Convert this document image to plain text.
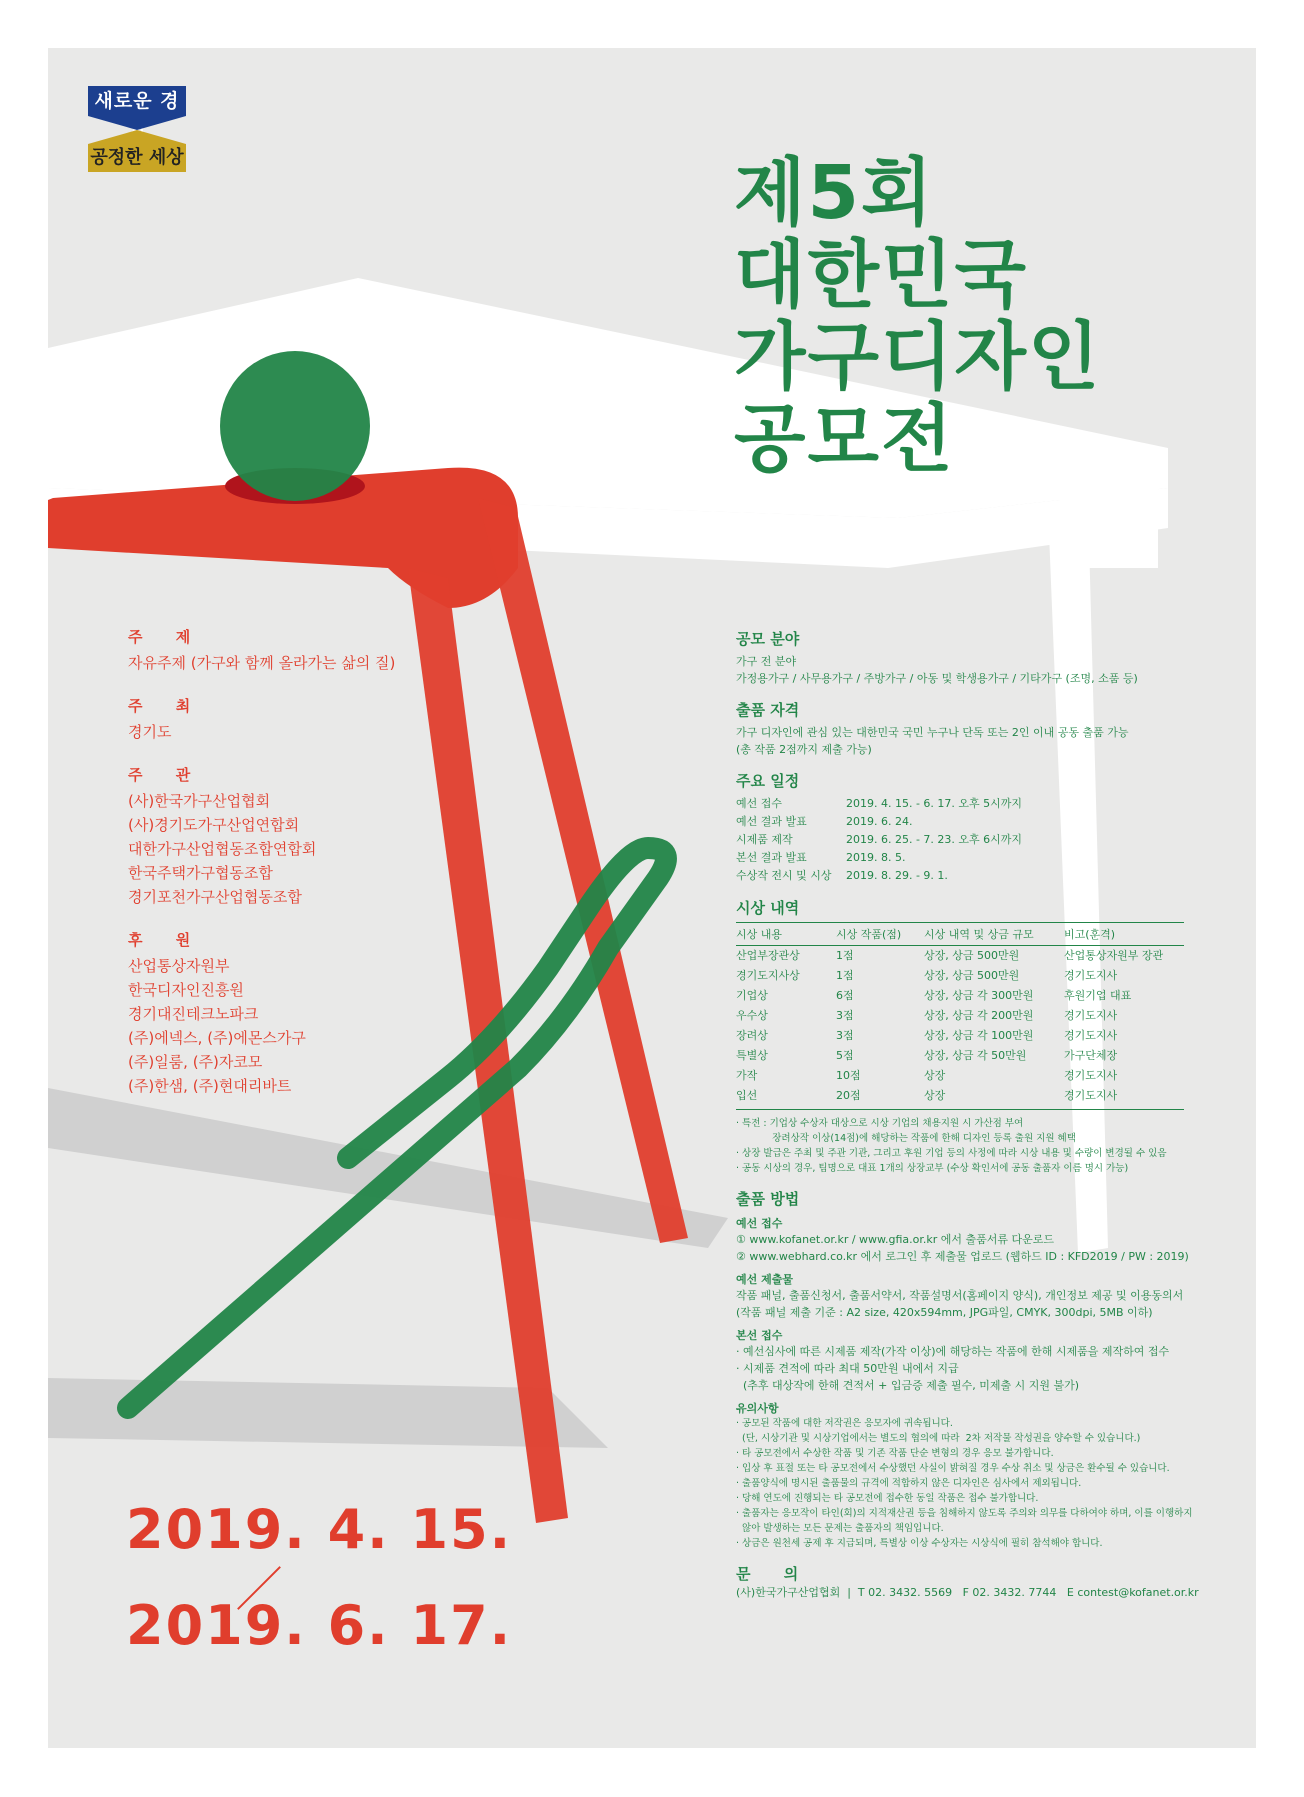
새로운 경기
공정한 세상	제5회
대한민국
가구디자인
공모전
주 제
자유주제 (가구와 함께 올라가는 삶의 질)
주 최
경기도
주 관
(사)한국가구산업협회
(사)경기도가구산업연합회
대한가구산업협동조합연합회
한국주택가구협동조합
경기포천가구산업협동조합
후 원
산업통상자원부
한국디자인진흥원
경기대진테크노파크
(주)에넥스, (주)에몬스가구
(주)일룸, (주)자코모
(주)한샘, (주)현대리바트
2019. 4. 15.
2019. 6. 17.
공모 분야
가구 전 분야
가정용가구 / 사무용가구 / 주방가구 / 아동 및 학생용가구 / 기타가구 (조명, 소품 등)
출품 자격
가구 디자인에 관심 있는 대한민국 국민 누구나 단독 또는 2인 이내 공동 출품 가능
(총 작품 2점까지 제출 가능)
주요 일정
예선 접수	2019. 4. 15. - 6. 17. 오후 5시까지
예선 결과 발표	2019. 6. 24.
시제품 제작	2019. 6. 25. - 7. 23. 오후 6시까지
본선 결과 발표	2019. 8. 5.
수상작 전시 및 시상	2019. 8. 29. - 9. 1.
시상 내역
시상 내용	시상 작품(점)	시상 내역 및 상금 규모	비고(훈격)
산업부장관상	1점	상장, 상금 500만원	산업통상자원부 장관
경기도지사상	1점	상장, 상금 500만원	경기도지사
기업상	6점	상장, 상금 각 300만원	후원기업 대표
우수상	3점	상장, 상금 각 200만원	경기도지사
장려상	3점	상장, 상금 각 100만원	경기도지사
특별상	5점	상장, 상금 각 50만원	가구단체장
가작	10점	상장	경기도지사
입선	20점	상장	경기도지사
· 특전 : 기업상 수상자 대상으로 시상 기업의 채용지원 시 가산점 부여
장려상작 이상(14점)에 해당하는 작품에 한해 디자인 등록 출원 지원 혜택
· 상장 발급은 주최 및 주관 기관, 그리고 후원 기업 등의 사정에 따라 시상 내용 및 수량이 변경될 수 있음
· 공동 시상의 경우, 팀명으로 대표 1개의 상장교부 (수상 확인서에 공동 출품자 이름 명시 가능)
출품 방법
예선 접수
① www.kofanet.or.kr / www.gfia.or.kr 에서 출품서류 다운로드
② www.webhard.co.kr 에서 로그인 후 제출물 업로드 (웹하드 ID : KFD2019 / PW : 2019)
예선 제출물
작품 패널, 출품신청서, 출품서약서, 작품설명서(홈페이지 양식), 개인정보 제공 및 이용동의서
(작품 패널 제출 기준 : A2 size, 420x594mm, JPG파일, CMYK, 300dpi, 5MB 이하)
본선 접수
· 예선심사에 따른 시제품 제작(가작 이상)에 해당하는 작품에 한해 시제품을 제작하여 접수
· 시제품 견적에 따라 최대 50만원 내에서 지급
(추후 대상작에 한해 견적서 + 입금증 제출 필수, 미제출 시 지원 불가)
유의사항
· 공모된 작품에 대한 저작권은 응모자에 귀속됩니다.
(단, 시상기관 및 시상기업에서는 별도의 협의에 따라  2차 저작물 작성권을 양수할 수 있습니다.)
· 타 공모전에서 수상한 작품 및 기존 작품 단순 변형의 경우 응모 불가합니다.
· 입상 후 표절 또는 타 공모전에서 수상했던 사실이 밝혀질 경우 수상 취소 및 상금은 환수될 수 있습니다.
· 출품양식에 명시된 출품물의 규격에 적합하지 않은 디자인은 심사에서 제외됩니다.
· 당해 연도에 진행되는 타 공모전에 접수한 동일 작품은 접수 불가합니다.
· 출품자는 응모작이 타인(회)의 지적재산권 등을 침해하지 않도록 주의와 의무를 다하여야 하며, 이를 이행하지
않아 발생하는 모든 문제는 출품자의 책임입니다.
· 상금은 원천세 공제 후 지급되며, 특별상 이상 수상자는 시상식에 필히 참석해야 합니다.
문 의
(사)한국가구산업협회  |  T 02. 3432. 5569   F 02. 3432. 7744   E contest@kofanet.or.kr
